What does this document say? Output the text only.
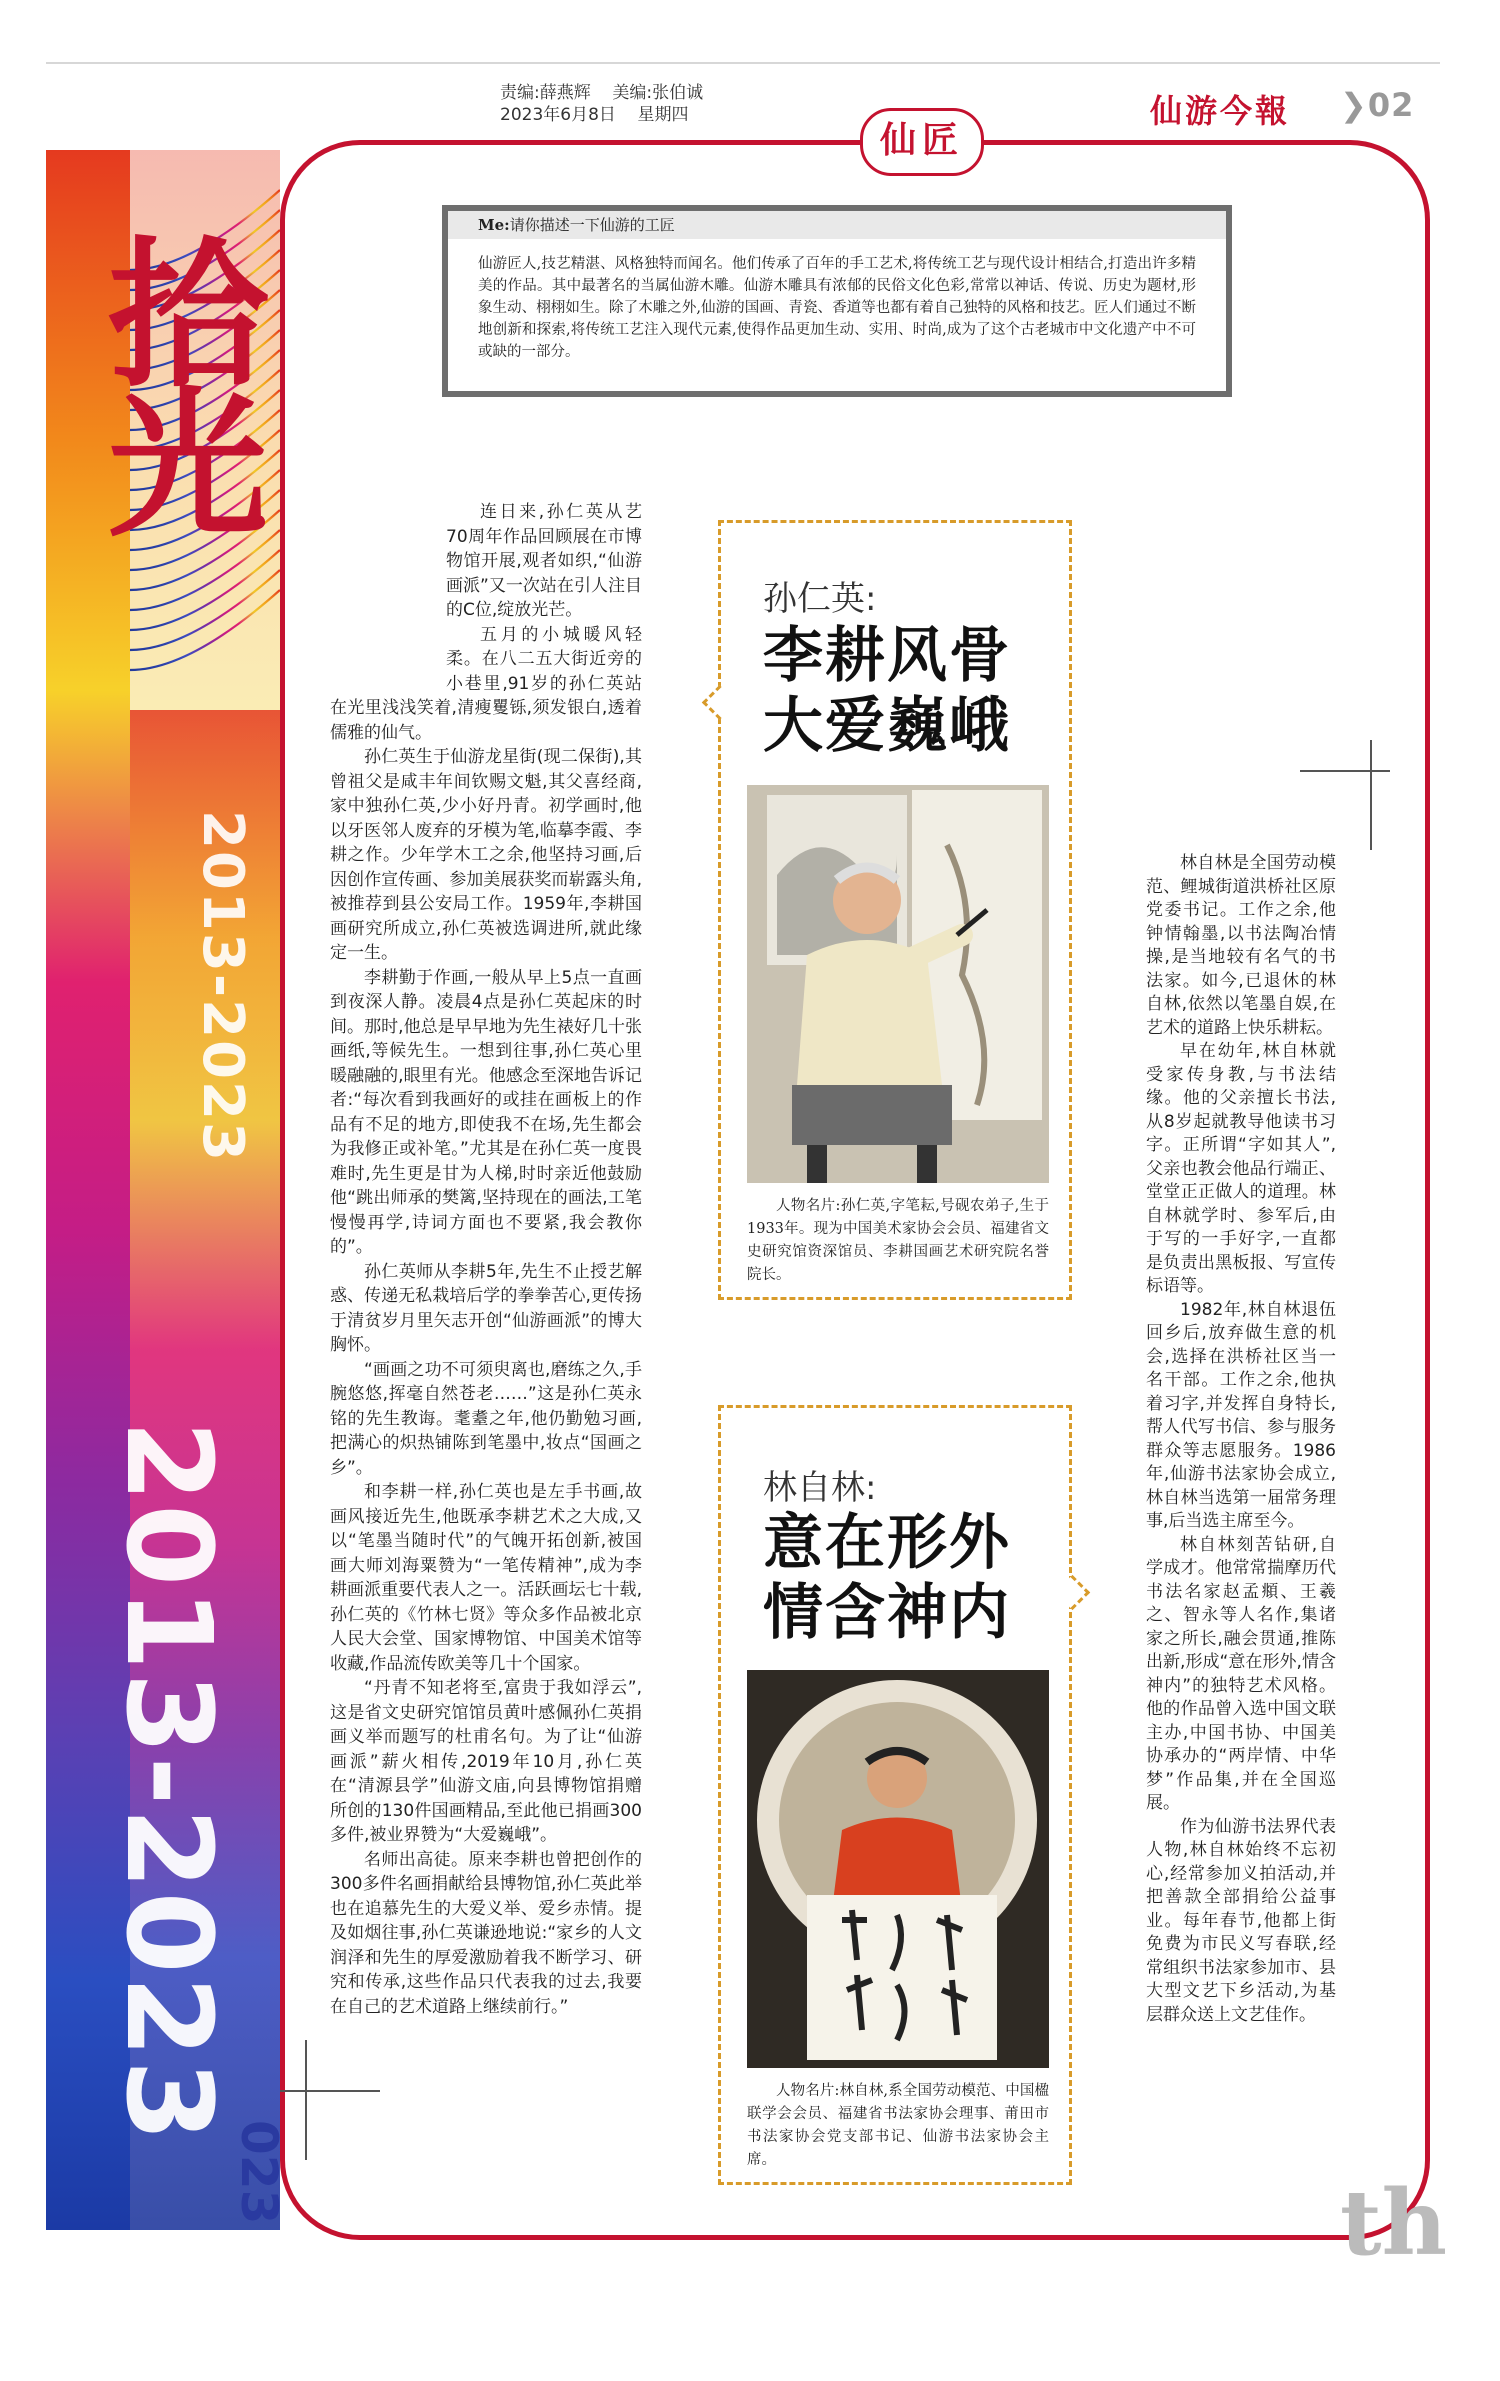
责编:薛燕辉    美编:张伯诚
2023年6月8日    星期四	仙游今報 ❯02
拾光
2013-2023
2013-2023
023
仙匠
Me:请你描述一下仙游的工匠
仙游匠人,技艺精湛、风格独特而闻名。他们传承了百年的手工艺术,将传统工艺与现代设计相结合,打造出许多精美的作品。其中最著名的当属仙游木雕。仙游木雕具有浓郁的民俗文化色彩,常常以神话、传说、历史为题材,形象生动、栩栩如生。除了木雕之外,仙游的国画、青瓷、香道等也都有着自己独特的风格和技艺。匠人们通过不断地创新和探索,将传统工艺注入现代元素,使得作品更加生动、实用、时尚,成为了这个古老城市中文化遗产中不可或缺的一部分。

连日来,孙仁英从艺70周年作品回顾展在市博物馆开展,观者如织,“仙游画派”又一次站在引人注目的C位,绽放光芒。

五月的小城暖风轻柔。在八二五大街近旁的小巷里,91岁的孙仁英站在光里浅浅笑着,清瘦矍铄,须发银白,透着儒雅的仙气。

孙仁英生于仙游龙星街(现二保街),其曾祖父是咸丰年间钦赐文魁,其父喜经商,家中独孙仁英,少小好丹青。初学画时,他以牙医邻人废弃的牙模为笔,临摹李霞、李耕之作。少年学木工之余,他坚持习画,后因创作宣传画、参加美展获奖而崭露头角,被推荐到县公安局工作。1959年,李耕国画研究所成立,孙仁英被选调进所,就此缘定一生。

李耕勤于作画,一般从早上5点一直画到夜深人静。凌晨4点是孙仁英起床的时间。那时,他总是早早地为先生裱好几十张画纸,等候先生。一想到往事,孙仁英心里暖融融的,眼里有光。他感念至深地告诉记者:“每次看到我画好的或挂在画板上的作品有不足的地方,即使我不在场,先生都会为我修正或补笔。”尤其是在孙仁英一度畏难时,先生更是甘为人梯,时时亲近他鼓励他“跳出师承的樊篱,坚持现在的画法,工笔慢慢再学,诗词方面也不要紧,我会教你的”。

孙仁英师从李耕5年,先生不止授艺解惑、传递无私栽培后学的拳拳苦心,更传扬于清贫岁月里矢志开创“仙游画派”的博大胸怀。

“画画之功不可须臾离也,磨练之久,手腕悠悠,挥毫自然苍老……”这是孙仁英永铭的先生教诲。耄耋之年,他仍勤勉习画,把满心的炽热铺陈到笔墨中,妆点“国画之乡”。

和李耕一样,孙仁英也是左手书画,故画风接近先生,他既承李耕艺术之大成,又以“笔墨当随时代”的气魄开拓创新,被国画大师刘海粟赞为“一笔传精神”,成为李耕画派重要代表人之一。活跃画坛七十载,孙仁英的《竹林七贤》等众多作品被北京人民大会堂、国家博物馆、中国美术馆等收藏,作品流传欧美等几十个国家。

“丹青不知老将至,富贵于我如浮云”,这是省文史研究馆馆员黄叶感佩孙仁英捐画义举而题写的杜甫名句。为了让“仙游画派”薪火相传,2019年10月,孙仁英在“清源县学”仙游文庙,向县博物馆捐赠所创的130件国画精品,至此他已捐画300多件,被业界赞为“大爱巍峨”。

名师出高徒。原来李耕也曾把创作的300多件名画捐献给县博物馆,孙仁英此举也在追慕先生的大爱义举、爱乡赤情。提及如烟往事,孙仁英谦逊地说:“家乡的人文润泽和先生的厚爱激励着我不断学习、研究和传承,这些作品只代表我的过去,我要在自己的艺术道路上继续前行。”

孙仁英:
李耕风骨
大爱巍峨
人物名片:孙仁英,字笔耘,号砚农弟子,生于1933年。现为中国美术家协会会员、福建省文史研究馆资深馆员、李耕国画艺术研究院名誉院长。
林自林:
意在形外
情含神内
人物名片:林自林,系全国劳动模范、中国楹联学会会员、福建省书法家协会理事、莆田市书法家协会党支部书记、仙游书法家协会主席。

林自林是全国劳动模范、鲤城街道洪桥社区原党委书记。工作之余,他钟情翰墨,以书法陶冶情操,是当地较有名气的书法家。如今,已退休的林自林,依然以笔墨自娱,在艺术的道路上快乐耕耘。

早在幼年,林自林就受家传身教,与书法结缘。他的父亲擅长书法,从8岁起就教导他读书习字。正所谓“字如其人”,父亲也教会他品行端正、堂堂正正做人的道理。林自林就学时、参军后,由于写的一手好字,一直都是负责出黑板报、写宣传标语等。

1982年,林自林退伍回乡后,放弃做生意的机会,选择在洪桥社区当一名干部。工作之余,他执着习字,并发挥自身特长,帮人代写书信、参与服务群众等志愿服务。1986年,仙游书法家协会成立,林自林当选第一届常务理事,后当选主席至今。

林自林刻苦钻研,自学成才。他常常揣摩历代书法名家赵孟頫、王羲之、智永等人名作,集诸家之所长,融会贯通,推陈出新,形成“意在形外,情含神内”的独特艺术风格。他的作品曾入选中国文联主办,中国书协、中国美协承办的“两岸情、中华梦”作品集,并在全国巡展。

作为仙游书法界代表人物,林自林始终不忘初心,经常参加义拍活动,并把善款全部捐给公益事业。每年春节,他都上街免费为市民义写春联,经常组织书法家参加市、县大型文艺下乡活动,为基层群众送上文艺佳作。

th
